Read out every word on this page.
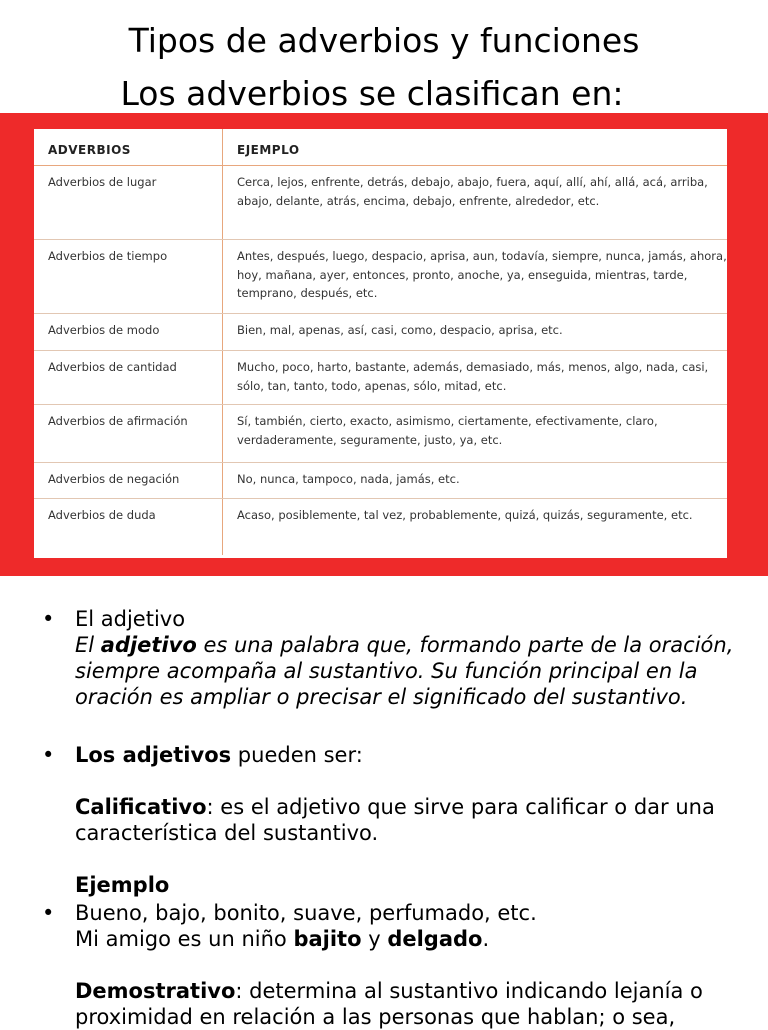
Tipos de adverbios y funciones
Los adverbios se clasifican en:
ADVERBIOS	EJEMPLO
Adverbios de lugar	Cerca, lejos, enfrente, detrás, debajo, abajo, fuera, aquí, allí, ahí, allá, acá, arriba, abajo, delante, atrás, encima, debajo, enfrente, alrededor, etc.
Adverbios de tiempo	Antes, después, luego, despacio, aprisa, aun, todavía, siempre, nunca, jamás, ahora, hoy, mañana, ayer, entonces, pronto, anoche, ya, enseguida, mientras, tarde, temprano, después, etc.
Adverbios de modo	Bien, mal, apenas, así, casi, como, despacio, aprisa, etc.
Adverbios de cantidad	Mucho, poco, harto, bastante, además, demasiado, más, menos, algo, nada, casi, sólo, tan, tanto, todo, apenas, sólo, mitad, etc.
Adverbios de afirmación	Sí, también, cierto, exacto, asimismo, ciertamente, efectivamente, claro, verdaderamente, seguramente, justo, ya, etc.
Adverbios de negación	No, nunca, tampoco, nada, jamás, etc.
Adverbios de duda	Acaso, posiblemente, tal vez, probablemente, quizá, quizás, seguramente, etc.
• El adjetivo
El adjetivo es una palabra que, formando parte de la oración, siempre acompaña al sustantivo. Su función principal en la oración es ampliar o precisar el significado del sustantivo.
• Los adjetivos pueden ser:
Calificativo: es el adjetivo que sirve para calificar o dar una característica del sustantivo.
Ejemplo
• Bueno, bajo, bonito, suave, perfumado, etc.
Mi amigo es un niño bajito y delgado.
Demostrativo: determina al sustantivo indicando lejanía o proximidad en relación a las personas que hablan; o sea,
